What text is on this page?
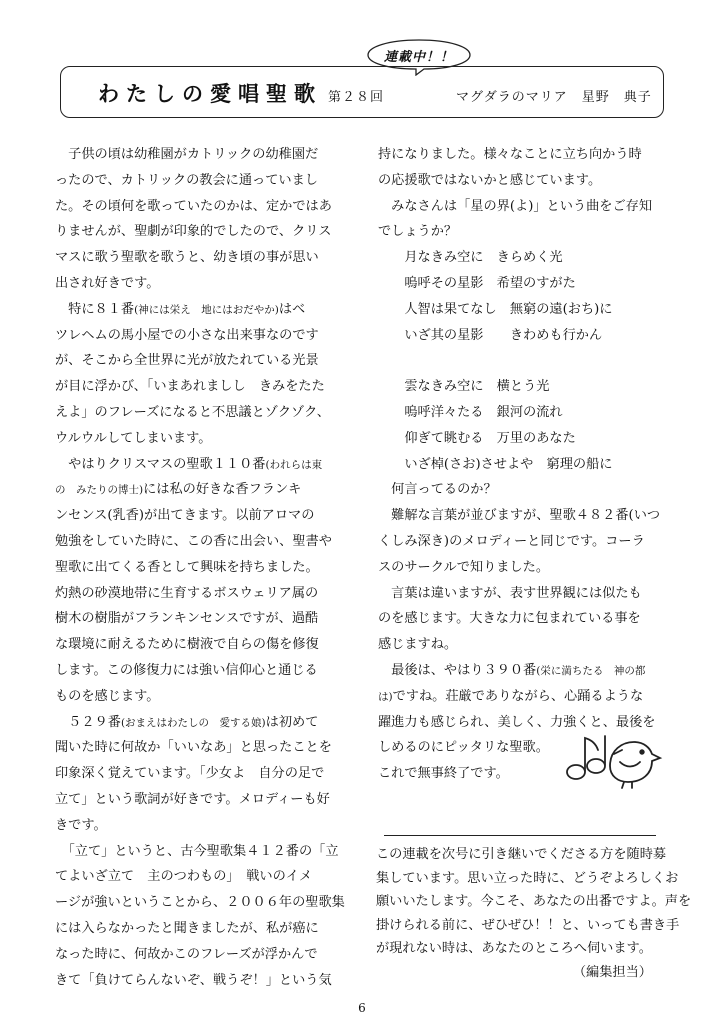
連載中！！
わたしの愛唱聖歌 第２８回	マグダラのマリア　星野　典子
　子供の頃は幼稚園がカトリックの幼稚園だ
ったので、カトリックの教会に通っていまし
た。その頃何を歌っていたのかは、定かではあ
りませんが、聖劇が印象的でしたので、クリス
マスに歌う聖歌を歌うと、幼き頃の事が思い
出され好きです。
　特に８１番(神には栄え　地にはおだやか)はベ
ツレヘムの馬小屋での小さな出来事なのです
が、そこから全世界に光が放たれている光景
が目に浮かび、「いまあれましし　きみをたた
えよ」のフレーズになると不思議とゾクゾク、
ウルウルしてしまいます。
　やはりクリスマスの聖歌１１０番(われらは東
の　みたりの博士)には私の好きな香フランキ
ンセンス(乳香)が出てきます。以前アロマの
勉強をしていた時に、この香に出会い、聖書や
聖歌に出てくる香として興味を持ちました。
灼熱の砂漠地帯に生育するボスウェリア属の
樹木の樹脂がフランキンセンスですが、過酷
な環境に耐えるために樹液で自らの傷を修復
します。この修復力には強い信仰心と通じる
ものを感じます。
　５２９番(おまえはわたしの　愛する娘)は初めて
聞いた時に何故か「いいなあ」と思ったことを
印象深く覚えています。「少女よ　自分の足で
立て」という歌詞が好きです。メロディーも好
きです。
　「立て」というと、古今聖歌集４１２番の「立
てよいざ立て　主のつわもの」　戦いのイメ
ージが強いということから、２００６年の聖歌集
には入らなかったと聞きましたが、私が癌に
なった時に、何故かこのフレーズが浮かんで
きて「負けてらんないぞ、戦うぞ！」という気
持になりました。様々なことに立ち向かう時
の応援歌ではないかと感じています。
　みなさんは「星の界(よ)」という曲をご存知
でしょうか？
　　月なきみ空に　きらめく光
　　嗚呼その星影　希望のすがた
　　人智は果てなし　無窮の遠(おち)に
　　いざ其の星影　　きわめも行かん
　　雲なきみ空に　横とう光
　　嗚呼洋々たる　銀河の流れ
　　仰ぎて眺むる　万里のあなた
　　いざ棹(さお)させよや　窮理の船に
　何言ってるのか？
　難解な言葉が並びますが、聖歌４８２番(いつ
くしみ深き)のメロディーと同じです。コーラ
スのサークルで知りました。
　言葉は違いますが、表す世界観には似たも
のを感じます。大きな力に包まれている事を
感じますね。
　最後は、やはり３９０番(栄に満ちたる　神の都
は)ですね。荘厳でありながら、心踊るような
躍進力も感じられ、美しく、力強くと、最後を
しめるのにピッタリな聖歌。
これで無事終了です。
この連載を次号に引き継いでくださる方を随時募
集しています。思い立った時に、どうぞよろしくお
願いいたします。今こそ、あなたの出番ですよ。声を
掛けられる前に、ぜひぜひ！！と、いっても書き手
が現れない時は、あなたのところへ伺います。
（編集担当）
6
